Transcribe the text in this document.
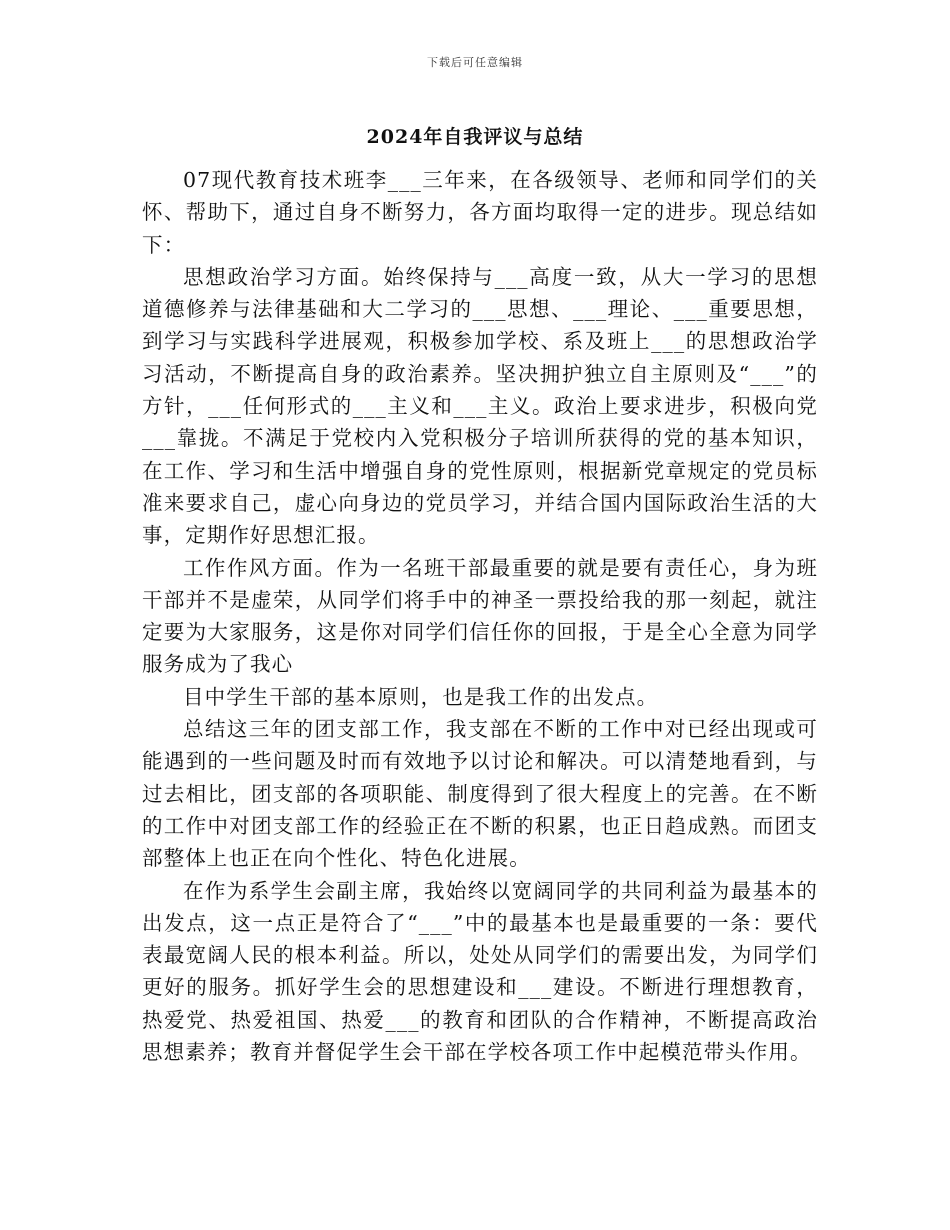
下载后可任意编辑
2024年自我评议与总结

07现代教育技术班李___三年来，在各级领导、老师和同学们的关怀、帮助下，通过自身不断努力，各方面均取得一定的进步。现总结如下：

思想政治学习方面。始终保持与___高度一致，从大一学习的思想道德修养与法律基础和大二学习的___思想、___理论、___重要思想，到学习与实践科学进展观，积极参加学校、系及班上___的思想政治学习活动，不断提高自身的政治素养。坚决拥护独立自主原则及“___”的方针，___任何形式的___主义和___主义。政治上要求进步，积极向党___靠拢。不满足于党校内入党积极分子培训所获得的党的基本知识，在工作、学习和生活中增强自身的党性原则，根据新党章规定的党员标准来要求自己，虚心向身边的党员学习，并结合国内国际政治生活的大事，定期作好思想汇报。

工作作风方面。作为一名班干部最重要的就是要有责任心，身为班干部并不是虚荣，从同学们将手中的神圣一票投给我的那一刻起，就注定要为大家服务，这是你对同学们信任你的回报，于是全心全意为同学服务成为了我心

目中学生干部的基本原则，也是我工作的出发点。

总结这三年的团支部工作，我支部在不断的工作中对已经出现或可能遇到的一些问题及时而有效地予以讨论和解决。可以清楚地看到，与过去相比，团支部的各项职能、制度得到了很大程度上的完善。在不断的工作中对团支部工作的经验正在不断的积累，也正日趋成熟。而团支部整体上也正在向个性化、特色化进展。

在作为系学生会副主席，我始终以宽阔同学的共同利益为最基本的出发点，这一点正是符合了“___”中的最基本也是最重要的一条：要代表最宽阔人民的根本利益。所以，处处从同学们的需要出发，为同学们更好的服务。抓好学生会的思想建设和___建设。不断进行理想教育，热爱党、热爱祖国、热爱___的教育和团队的合作精神，不断提高政治思想素养；教育并督促学生会干部在学校各项工作中起模范带头作用。
